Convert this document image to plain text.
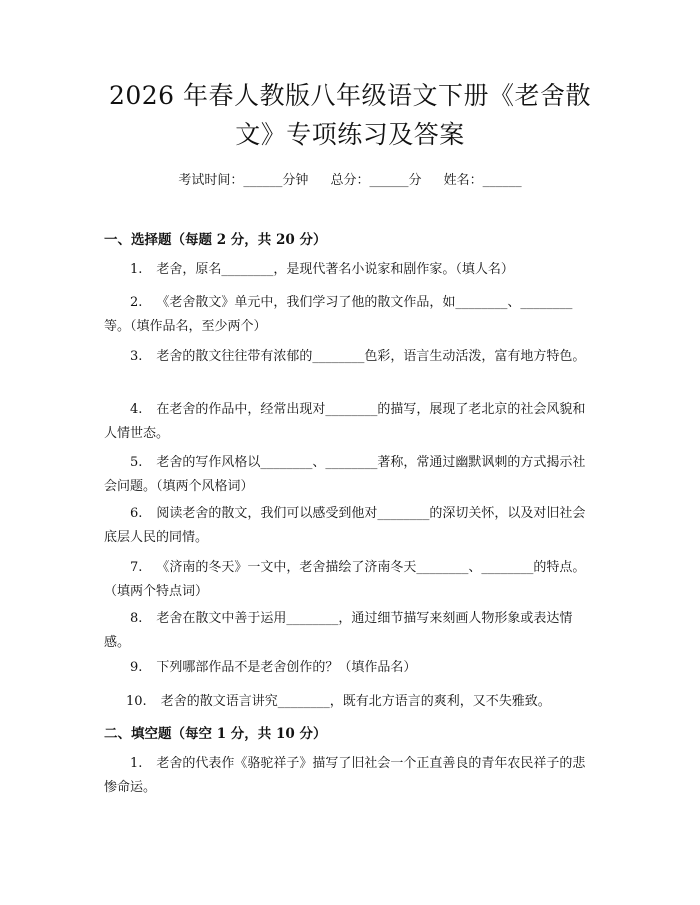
2026 年春人教版八年级语文下册《老舍散
文》专项练习及答案
考试时间：______分钟 总分：______分 姓名：______
一、选择题（每题 2 分，共 20 分）
1. 老舍，原名________，是现代著名小说家和剧作家。（填人名）
2. 《老舍散文》单元中，我们学习了他的散文作品，如________、________等。（填作品名，至少两个）
3. 老舍的散文往往带有浓郁的________色彩，语言生动活泼，富有地方特色。
4. 在老舍的作品中，经常出现对________的描写，展现了老北京的社会风貌和人情世态。
5. 老舍的写作风格以________、________著称，常通过幽默讽刺的方式揭示社会问题。（填两个风格词）
6. 阅读老舍的散文，我们可以感受到他对________的深切关怀，以及对旧社会底层人民的同情。
7. 《济南的冬天》一文中，老舍描绘了济南冬天________、________的特点。（填两个特点词）
8. 老舍在散文中善于运用________，通过细节描写来刻画人物形象或表达情感。
9. 下列哪部作品不是老舍创作的？（填作品名）
10. 老舍的散文语言讲究________，既有北方语言的爽利，又不失雅致。
二、填空题（每空 1 分，共 10 分）
1. 老舍的代表作《骆驼祥子》描写了旧社会一个正直善良的青年农民祥子的悲惨命运。
